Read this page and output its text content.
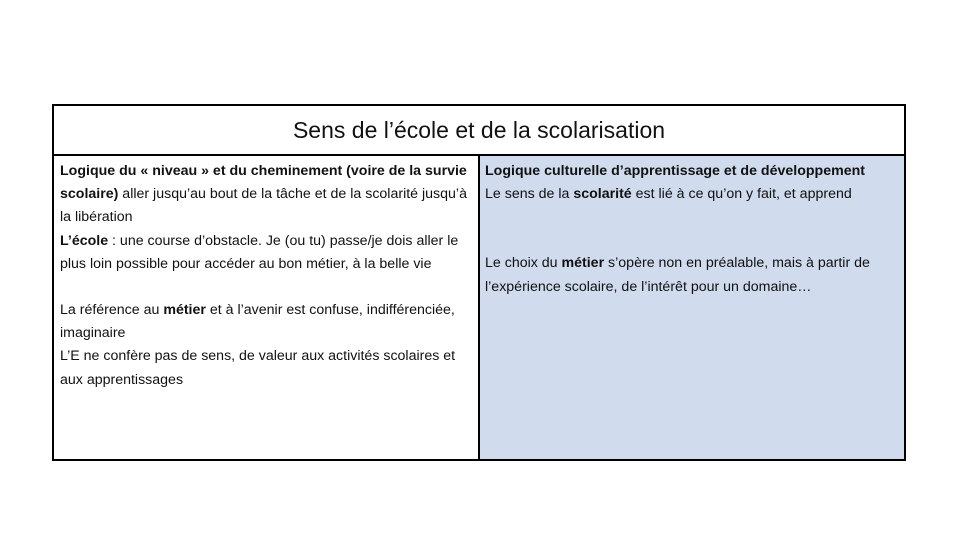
Sens de l’école et de la scolarisation

Logique du « niveau » et du cheminement (voire de la survie scolaire) aller jusqu’au bout de la tâche et de la scolarité jusqu’à la libération

L’école : une course d’obstacle. Je (ou tu) passe/je dois aller le plus loin possible pour accéder au bon métier, à la belle vie

La référence au métier et à l’avenir est confuse, indifférenciée, imaginaire

L’E ne confère pas de sens, de valeur aux activités scolaires et aux apprentissages

Logique culturelle d’apprentissage et de développement

Le sens de la scolarité est lié à ce qu’on y fait, et apprend

Le choix du métier s’opère non en préalable, mais à partir de l’expérience scolaire, de l’intérêt pour un domaine…
